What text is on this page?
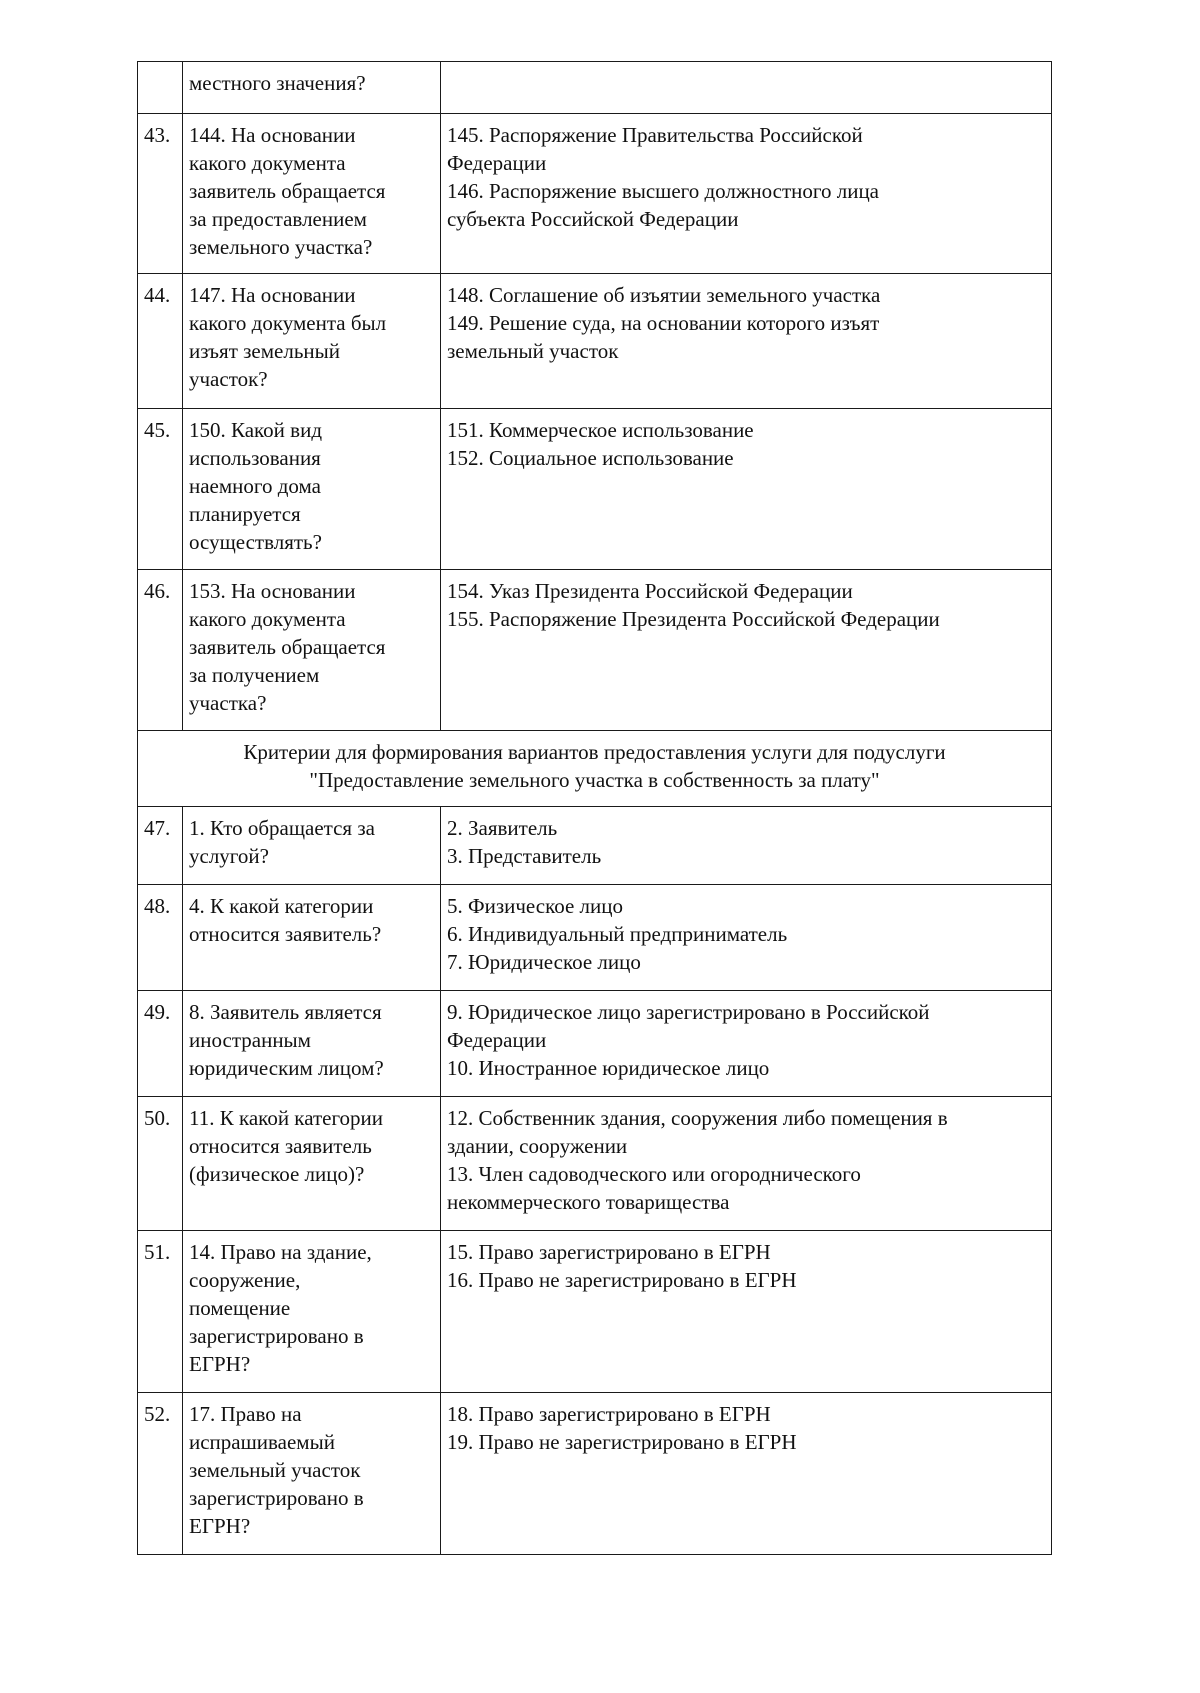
	местного значения?	

43.	144. На основании
какого документа
заявитель обращается
за предоставлением
земельного участка?	145. Распоряжение Правительства Российской
Федерации
146. Распоряжение высшего должностного лица
субъекта Российской Федерации

44.	147. На основании
какого документа был
изъят земельный
участок?	148. Соглашение об изъятии земельного участка
149. Решение суда, на основании которого изъят
земельный участок

45.	150. Какой вид
использования
наемного дома
планируется
осуществлять?	151. Коммерческое использование
152. Социальное использование

46.	153. На основании
какого документа
заявитель обращается
за получением
участка?	154. Указ Президента Российской Федерации
155. Распоряжение Президента Российской Федерации

Критерии для формирования вариантов предоставления услуги для подуслуги
"Предоставление земельного участка в собственность за плату"		

47.	1. Кто обращается за
услугой?	2. Заявитель
3. Представитель

48.	4. К какой категории
относится заявитель?	5. Физическое лицо
6. Индивидуальный предприниматель
7. Юридическое лицо

49.	8. Заявитель является
иностранным
юридическим лицом?	9. Юридическое лицо зарегистрировано в Российской
Федерации
10. Иностранное юридическое лицо

50.	11. К какой категории
относится заявитель
(физическое лицо)?	12. Собственник здания, сооружения либо помещения в
здании, сооружении
13. Член садоводческого или огороднического
некоммерческого товарищества

51.	14. Право на здание,
сооружение,
помещение
зарегистрировано в
ЕГРН?	15. Право зарегистрировано в ЕГРН
16. Право не зарегистрировано в ЕГРН

52.	17. Право на
испрашиваемый
земельный участок
зарегистрировано в
ЕГРН?	18. Право зарегистрировано в ЕГРН
19. Право не зарегистрировано в ЕГРН
